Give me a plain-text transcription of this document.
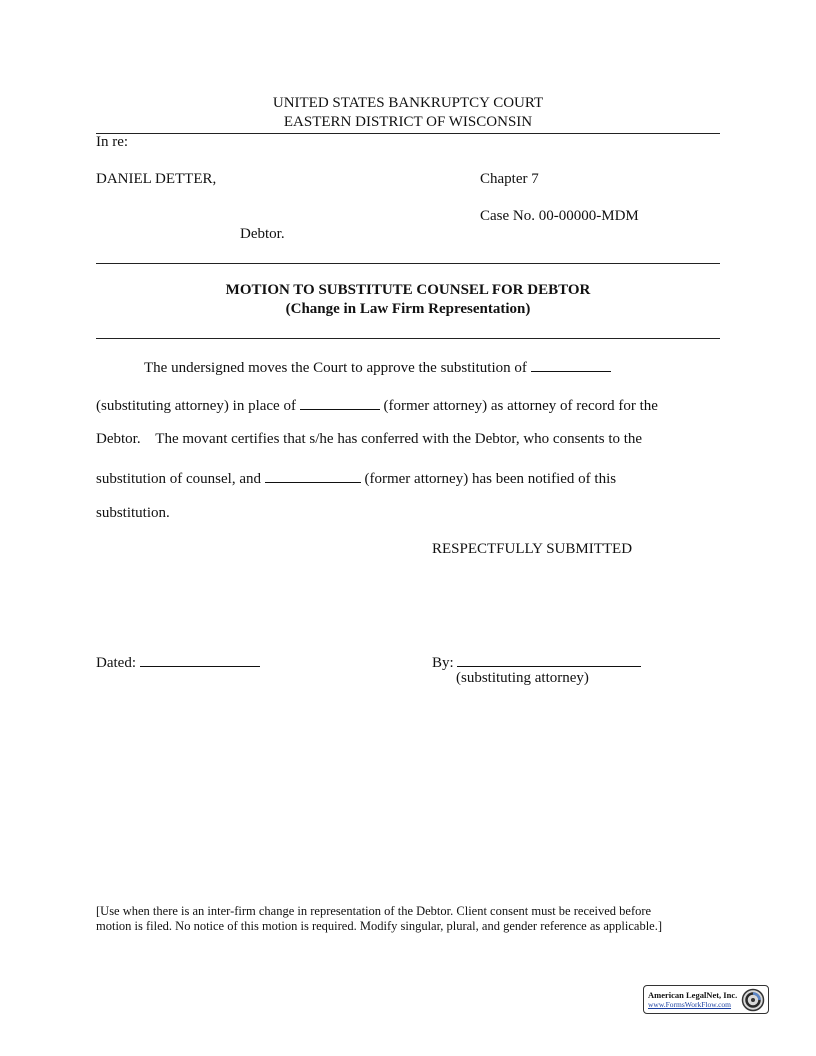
UNITED STATES BANKRUPTCY COURT
EASTERN DISTRICT OF WISCONSIN
In re:
DANIEL DETTER,	Chapter 7
Case No. 00-00000-MDM
Debtor.
MOTION TO SUBSTITUTE COUNSEL FOR DEBTOR
(Change in Law Firm Representation)
The undersigned moves the Court to approve the substitution of
(substituting attorney) in place of	(former attorney) as attorney of record for the
Debtor.    The movant certifies that s/he has conferred with the Debtor, who consents to the
substitution of counsel, and	(former attorney) has been notified of this
substitution.
RESPECTFULLY SUBMITTED
Dated:	By:
(substituting attorney)
[Use when there is an inter-firm change in representation of the Debtor. Client consent must be received before
motion is filed. No notice of this motion is required. Modify singular, plural, and gender reference as applicable.]
American LegalNet, Inc.
www.FormsWorkFlow.com
